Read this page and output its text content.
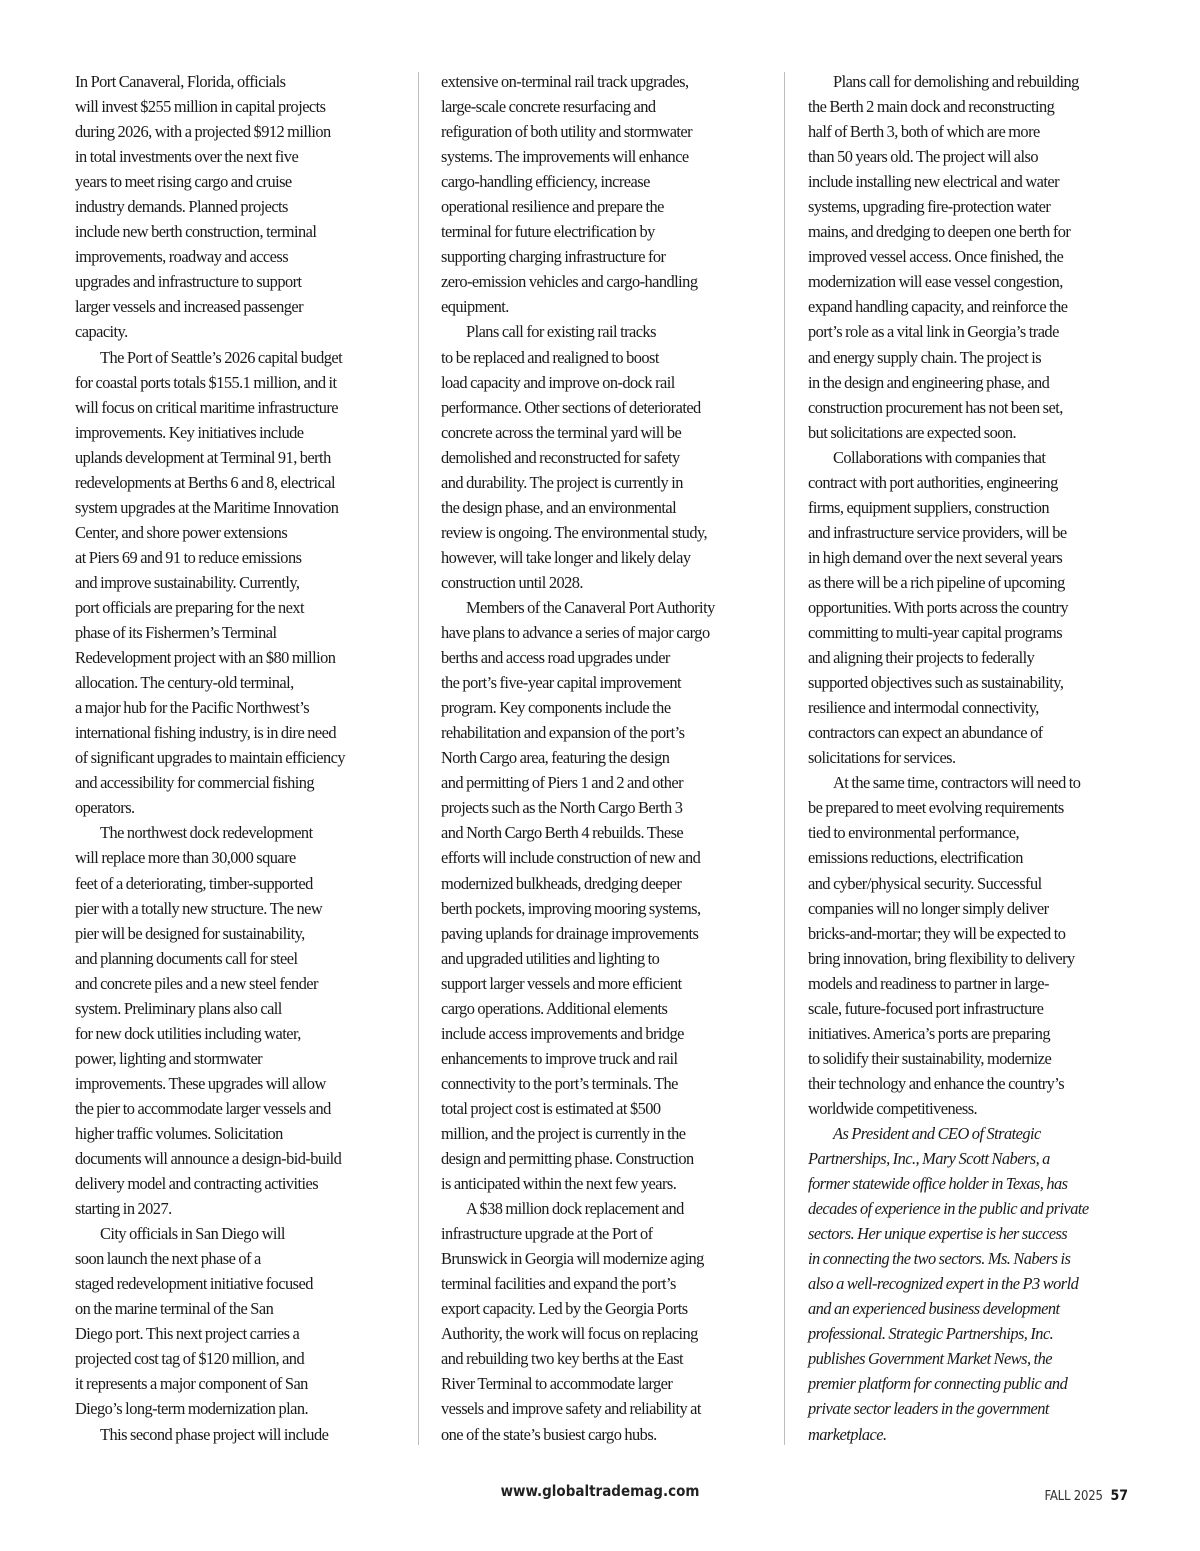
In Port Canaveral, Florida, officials
will invest $255 million in capital projects
during 2026, with a projected $912 million
in total investments over the next five
years to meet rising cargo and cruise
industry demands. Planned projects
include new berth construction, terminal
improvements, roadway and access
upgrades and infrastructure to support
larger vessels and increased passenger
capacity.

The Port of Seattle’s 2026 capital budget
for coastal ports totals $155.1 million, and it
will focus on critical maritime infrastructure
improvements. Key initiatives include
uplands development at Terminal 91, berth
redevelopments at Berths 6 and 8, electrical
system upgrades at the Maritime Innovation
Center, and shore power extensions
at Piers 69 and 91 to reduce emissions
and improve sustainability. Currently,
port officials are preparing for the next
phase of its Fishermen’s Terminal
Redevelopment project with an $80 million
allocation. The century-old terminal,
a major hub for the Pacific Northwest’s
international fishing industry, is in dire need
of significant upgrades to maintain efficiency
and accessibility for commercial fishing
operators.

The northwest dock redevelopment
will replace more than 30,000 square
feet of a deteriorating, timber-supported
pier with a totally new structure. The new
pier will be designed for sustainability,
and planning documents call for steel
and concrete piles and a new steel fender
system. Preliminary plans also call
for new dock utilities including water,
power, lighting and stormwater
improvements. These upgrades will allow
the pier to accommodate larger vessels and
higher traffic volumes. Solicitation
documents will announce a design-bid-build
delivery model and contracting activities
starting in 2027.

City officials in San Diego will
soon launch the next phase of a
staged redevelopment initiative focused
on the marine terminal of the San
Diego port. This next project carries a
projected cost tag of $120 million, and
it represents a major component of San
Diego’s long-term modernization plan.

This second phase project will include

extensive on-terminal rail track upgrades,
large-scale concrete resurfacing and
refiguration of both utility and stormwater
systems. The improvements will enhance
cargo-handling efficiency, increase
operational resilience and prepare the
terminal for future electrification by
supporting charging infrastructure for
zero-emission vehicles and cargo-handling
equipment.

Plans call for existing rail tracks
to be replaced and realigned to boost
load capacity and improve on-dock rail
performance. Other sections of deteriorated
concrete across the terminal yard will be
demolished and reconstructed for safety
and durability. The project is currently in
the design phase, and an environmental
review is ongoing. The environmental study,
however, will take longer and likely delay
construction until 2028.

Members of the Canaveral Port Authority
have plans to advance a series of major cargo
berths and access road upgrades under
the port’s five-year capital improvement
program. Key components include the
rehabilitation and expansion of the port’s
North Cargo area, featuring the design
and permitting of Piers 1 and 2 and other
projects such as the North Cargo Berth 3
and North Cargo Berth 4 rebuilds. These
efforts will include construction of new and
modernized bulkheads, dredging deeper
berth pockets, improving mooring systems,
paving uplands for drainage improvements
and upgraded utilities and lighting to
support larger vessels and more efficient
cargo operations. Additional elements
include access improvements and bridge
enhancements to improve truck and rail
connectivity to the port’s terminals. The
total project cost is estimated at $500
million, and the project is currently in the
design and permitting phase. Construction
is anticipated within the next few years.

A $38 million dock replacement and
infrastructure upgrade at the Port of
Brunswick in Georgia will modernize aging
terminal facilities and expand the port’s
export capacity. Led by the Georgia Ports
Authority, the work will focus on replacing
and rebuilding two key berths at the East
River Terminal to accommodate larger
vessels and improve safety and reliability at
one of the state’s busiest cargo hubs.

Plans call for demolishing and rebuilding
the Berth 2 main dock and reconstructing
half of Berth 3, both of which are more
than 50 years old. The project will also
include installing new electrical and water
systems, upgrading fire-protection water
mains, and dredging to deepen one berth for
improved vessel access. Once finished, the
modernization will ease vessel congestion,
expand handling capacity, and reinforce the
port’s role as a vital link in Georgia’s trade
and energy supply chain. The project is
in the design and engineering phase, and
construction procurement has not been set,
but solicitations are expected soon.

Collaborations with companies that
contract with port authorities, engineering
firms, equipment suppliers, construction
and infrastructure service providers, will be
in high demand over the next several years
as there will be a rich pipeline of upcoming
opportunities. With ports across the country
committing to multi-year capital programs
and aligning their projects to federally
supported objectives such as sustainability,
resilience and intermodal connectivity,
contractors can expect an abundance of
solicitations for services.

At the same time, contractors will need to
be prepared to meet evolving requirements
tied to environmental performance,
emissions reductions, electrification
and cyber/physical security. Successful
companies will no longer simply deliver
bricks-and-mortar; they will be expected to
bring innovation, bring flexibility to delivery
models and readiness to partner in large-
scale, future-focused port infrastructure
initiatives. America’s ports are preparing
to solidify their sustainability, modernize
their technology and enhance the country’s
worldwide competitiveness.

As President and CEO of Strategic
Partnerships, Inc., Mary Scott Nabers, a
former statewide office holder in Texas, has
decades of experience in the public and private
sectors. Her unique expertise is her success
in connecting the two sectors. Ms. Nabers is
also a well-recognized expert in the P3 world
and an experienced business development
professional. Strategic Partnerships, Inc.
publishes Government Market News, the
premier platform for connecting public and
private sector leaders in the government
marketplace.

www.globaltrademag.com	FALL 2025 57
